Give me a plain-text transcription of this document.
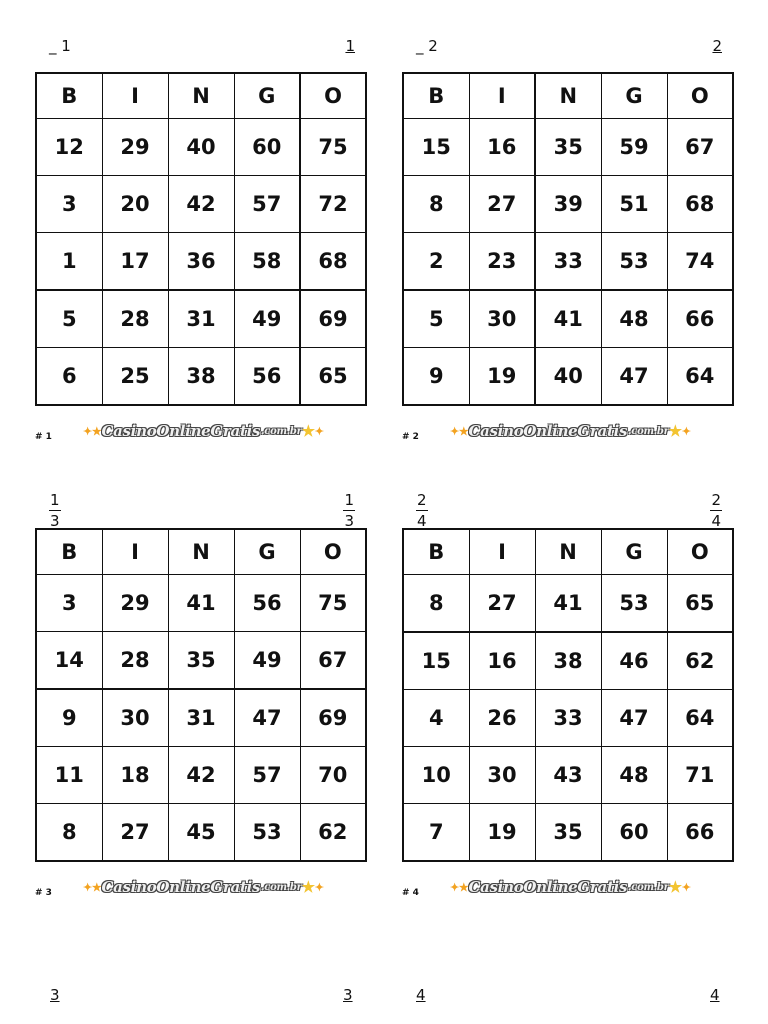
_ 1	1
B	I	N	G	O
12	29	40	60	75
3	20	42	57	72
1	17	36	58	68
5	28	31	49	69
6	25	38	56	65
# 1	✦★ CasinoOnlineGratis .com.br ★ ✦
_ 2	2
B	I	N	G	O
15	16	35	59	67
8	27	39	51	68
2	23	33	53	74
5	30	41	48	66
9	19	40	47	64
# 2	✦★ CasinoOnlineGratis .com.br ★ ✦
$\frac{1}{3}$	$\frac{1}{3}$
B	I	N	G	O
3	29	41	56	75
14	28	35	49	67
9	30	31	47	69
11	18	42	57	70
8	27	45	53	62
# 3	✦★ CasinoOnlineGratis .com.br ★ ✦
$\frac{2}{4}$	$\frac{2}{4}$
B	I	N	G	O
8	27	41	53	65
15	16	38	46	62
4	26	33	47	64
10	30	43	48	71
7	19	35	60	66
# 4	✦★ CasinoOnlineGratis .com.br ★ ✦
3	3	4	4
